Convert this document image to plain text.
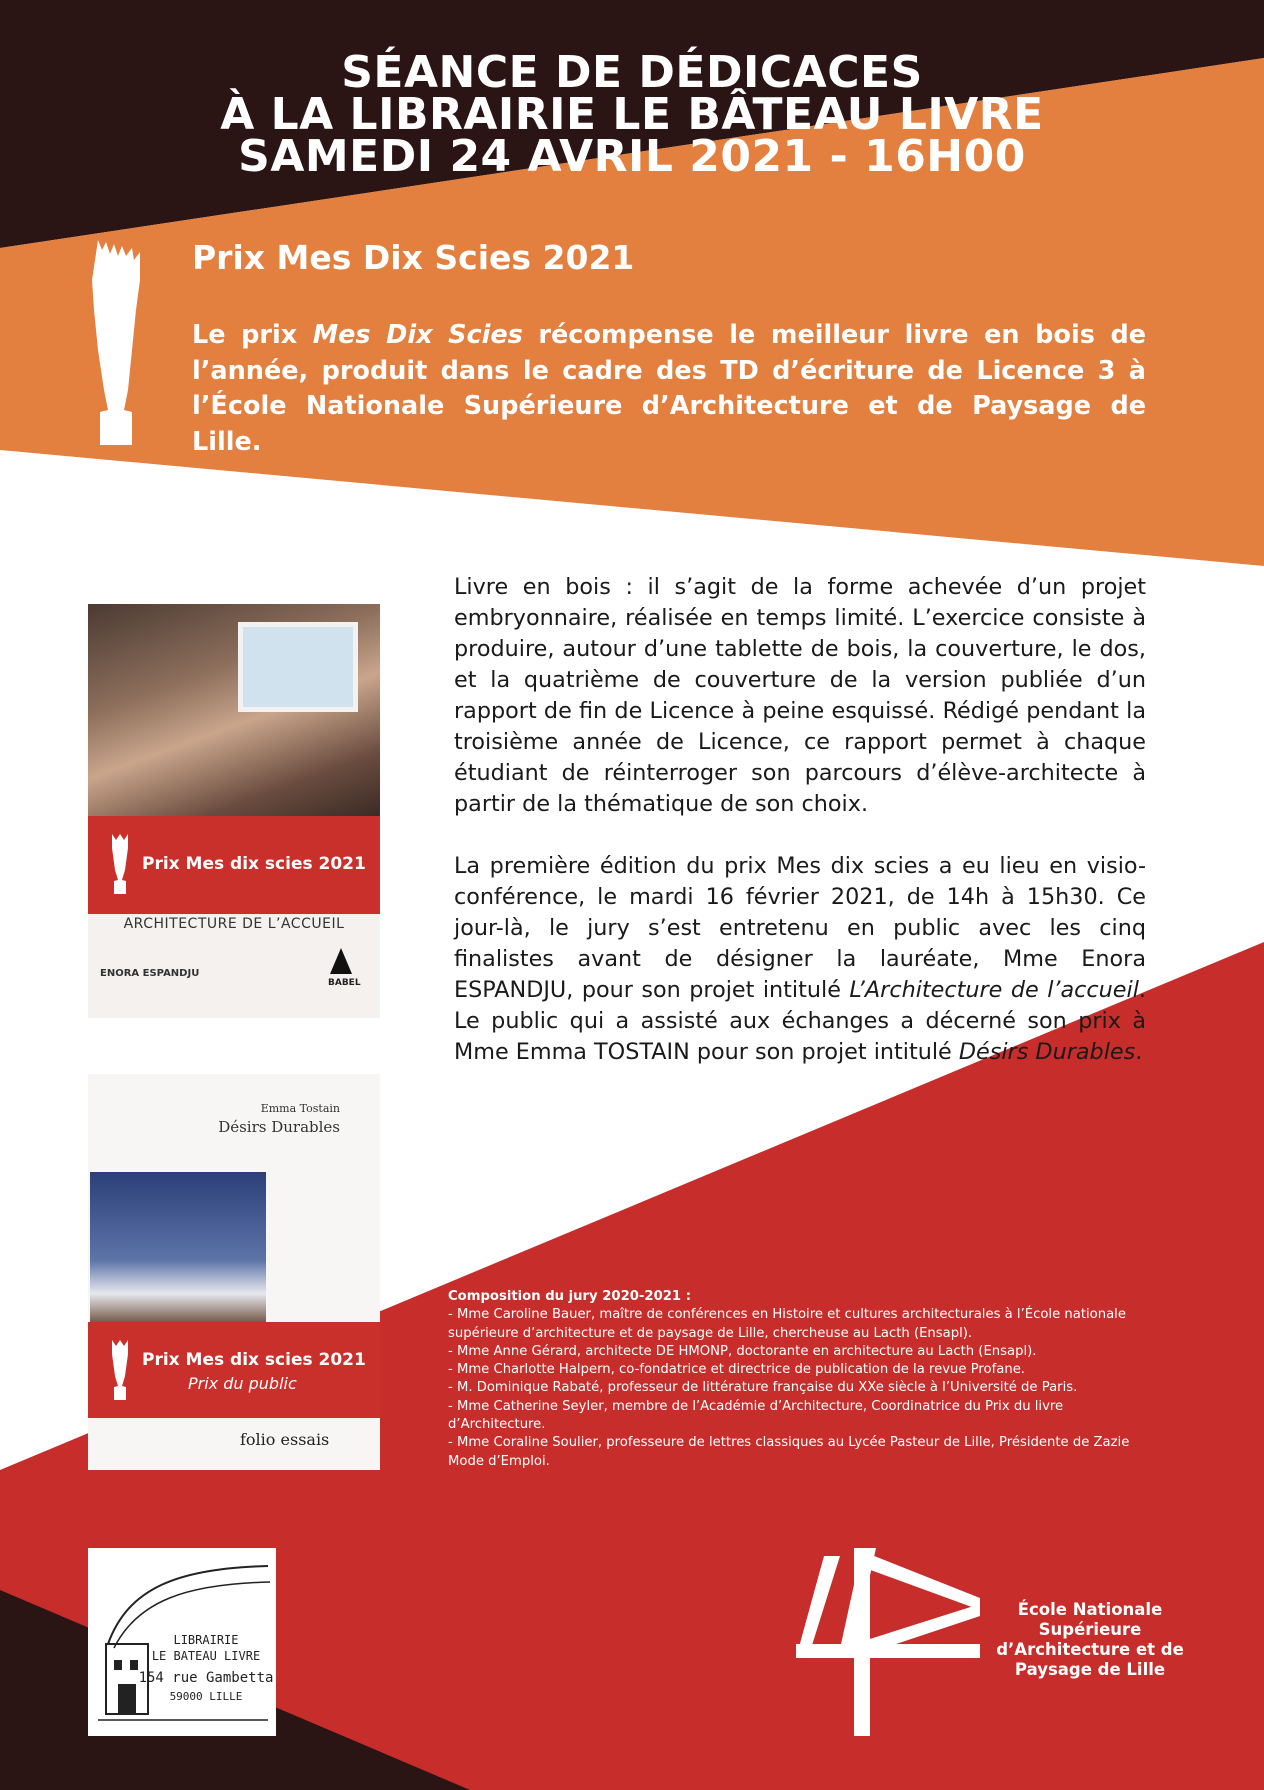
SÉANCE DE DÉDICACES
À LA LIBRAIRIE LE BÂTEAU LIVRE
SAMEDI 24 AVRIL 2021 - 16H00
Prix Mes Dix Scies 2021
Le prix Mes Dix Scies récompense le meilleur livre en bois de l’année, produit dans le cadre des TD d’écriture de Licence 3 à l’École Nationale Supérieure d’Architecture et de Paysage de Lille.
Prix Mes dix scies 2021
ARCHITECTURE DE L’ACCUEIL
ENORA ESPANDJU
BABEL
Emma Tostain
Désirs Durables
Prix Mes dix scies 2021
Prix du public
folio essais

Livre en bois : il s’agit de la forme achevée d’un projet embryonnaire, réalisée en temps limité. L’exercice consiste à produire, autour d’une tablette de bois, la couverture, le dos, et la quatrième de couverture de la version publiée d’un rapport de fin de Licence à peine esquissé. Rédigé pendant la troisième année de Licence, ce rapport permet à chaque étudiant de réinterroger son parcours d’élève-architecte à partir de la thématique de son choix.

La première édition du prix Mes dix scies a eu lieu en visio-conférence, le mardi 16 février 2021, de 14h à 15h30. Ce jour-là, le jury s’est entretenu en public avec les cinq finalistes avant de désigner la lauréate, Mme Enora ESPANDJU, pour son projet intitulé L’Architecture de l’accueil. Le public qui a assisté aux échanges a décerné son prix à Mme Emma TOSTAIN pour son projet intitulé Désirs Durables.

Composition du jury 2020-2021 :
- Mme Caroline Bauer, maître de conférences en Histoire et cultures architecturales à l’École nationale supérieure d’architecture et de paysage de Lille, chercheuse au Lacth (Ensapl).
- Mme Anne Gérard, architecte DE HMONP, doctorante en architecture au Lacth (Ensapl).
- Mme Charlotte Halpern, co-fondatrice et directrice de publication de la revue Profane.
- M. Dominique Rabaté, professeur de littérature française du XXe siècle à l’Université de Paris.
- Mme Catherine Seyler, membre de l’Académie d’Architecture, Coordinatrice du Prix du livre d’Architecture.
- Mme Coraline Soulier, professeure de lettres classiques au Lycée Pasteur de Lille, Présidente de Zazie Mode d’Emploi.
LIBRAIRIE
LE BATEAU LIVRE
154 rue Gambetta
59000 LILLE
École Nationale
Supérieure
d’Architecture et de
Paysage de Lille
